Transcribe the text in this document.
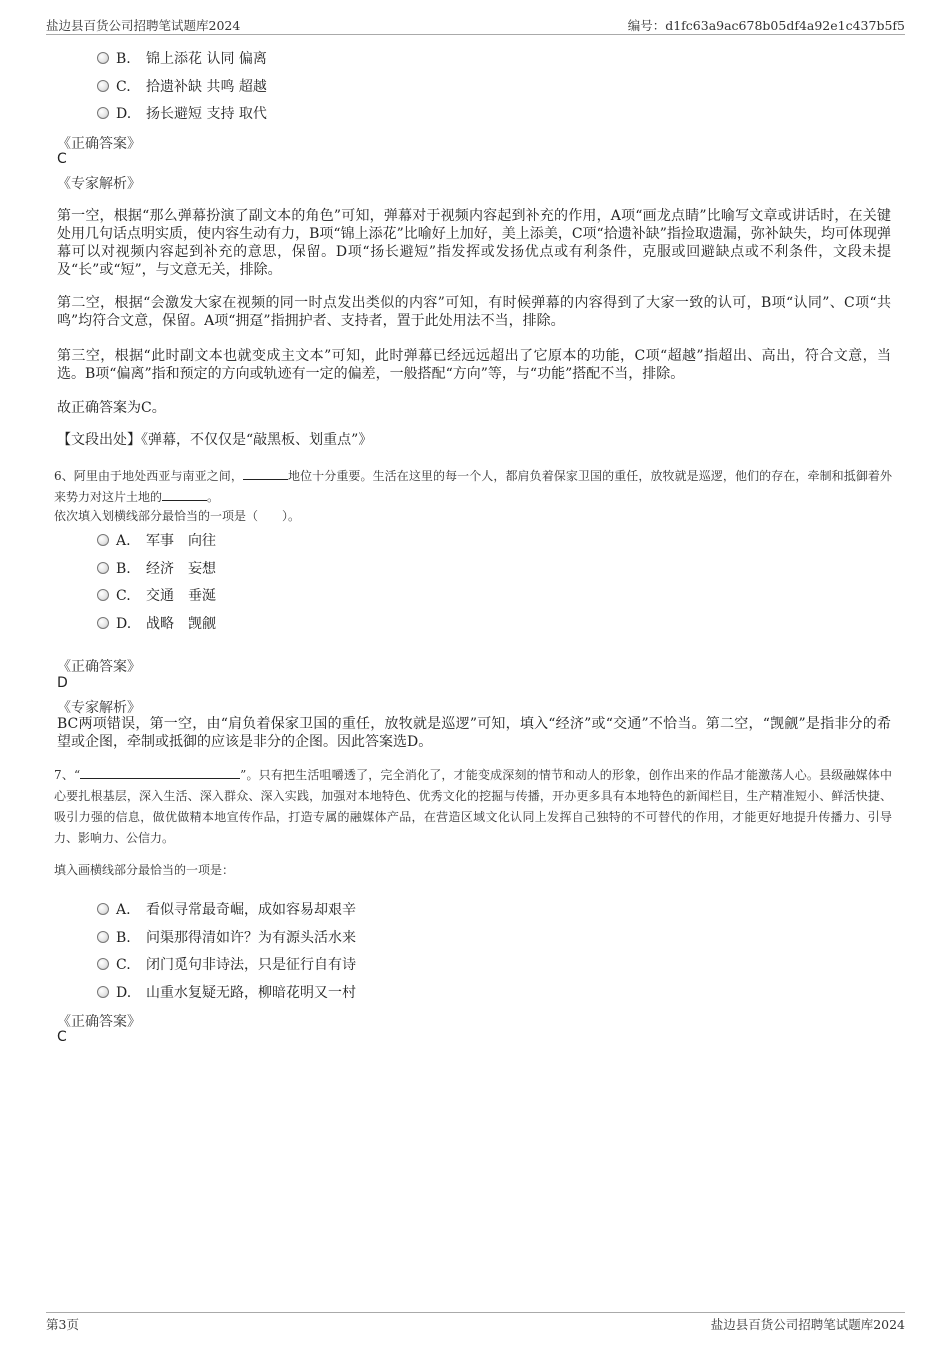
盐边县百货公司招聘笔试题库2024	编号：d1fc63a9ac678b05df4a92e1c437b5f5
B. 锦上添花 认同 偏离
C. 拾遗补缺 共鸣 超越
D. 扬长避短 支持 取代
《正确答案》
C
《专家解析》
第一空，根据“那么弹幕扮演了副文本的角色”可知，弹幕对于视频内容起到补充的作用，A项“画龙点睛”比喻写文章或讲话时，在关键处用几句话点明实质，使内容生动有力，B项“锦上添花”比喻好上加好，美上添美，C项“拾遗补缺”指捡取遗漏，弥补缺失，均可体现弹幕可以对视频内容起到补充的意思，保留。D项“扬长避短”指发挥或发扬优点或有利条件，克服或回避缺点或不利条件，文段未提及“长”或“短”，与文意无关，排除。
第二空，根据“会激发大家在视频的同一时点发出类似的内容”可知，有时候弹幕的内容得到了大家一致的认可，B项“认同”、C项“共鸣”均符合文意，保留。A项“拥趸”指拥护者、支持者，置于此处用法不当，排除。
第三空，根据“此时副文本也就变成主文本”可知，此时弹幕已经远远超出了它原本的功能，C项“超越”指超出、高出，符合文意，当选。B项“偏离”指和预定的方向或轨迹有一定的偏差，一般搭配“方向”等，与“功能”搭配不当，排除。
故正确答案为C。
【文段出处】《弹幕，不仅仅是“敲黑板、划重点”》
6、阿里由于地处西亚与南亚之间，	地位十分重要。生活在这里的每一个人，都肩负着保家卫国的重任，放牧就是巡逻，他们的存在，牵制和抵御着外来势力对这片土地的	。
依次填入划横线部分最恰当的一项是（　　）。
A. 军事　向往
B. 经济　妄想
C. 交通　垂涎
D. 战略　觊觎
《正确答案》
D
《专家解析》
BC两项错误，第一空，由“肩负着保家卫国的重任，放牧就是巡逻”可知，填入“经济”或“交通”不恰当。第二空，“觊觎”是指非分的希望或企图，牵制或抵御的应该是非分的企图。因此答案选D。
7、“	”。只有把生活咀嚼透了，完全消化了，才能变成深刻的情节和动人的形象，创作出来的作品才能激荡人心。县级融媒体中心要扎根基层，深入生活、深入群众、深入实践，加强对本地特色、优秀文化的挖掘与传播，开办更多具有本地特色的新闻栏目，生产精准短小、鲜活快捷、吸引力强的信息，做优做精本地宣传作品，打造专属的融媒体产品，在营造区域文化认同上发挥自己独特的不可替代的作用，才能更好地提升传播力、引导力、影响力、公信力。
填入画横线部分最恰当的一项是：
A. 看似寻常最奇崛，成如容易却艰辛
B. 问渠那得清如许？为有源头活水来
C. 闭门觅句非诗法，只是征行自有诗
D. 山重水复疑无路，柳暗花明又一村
《正确答案》
C
第3页	盐边县百货公司招聘笔试题库2024
